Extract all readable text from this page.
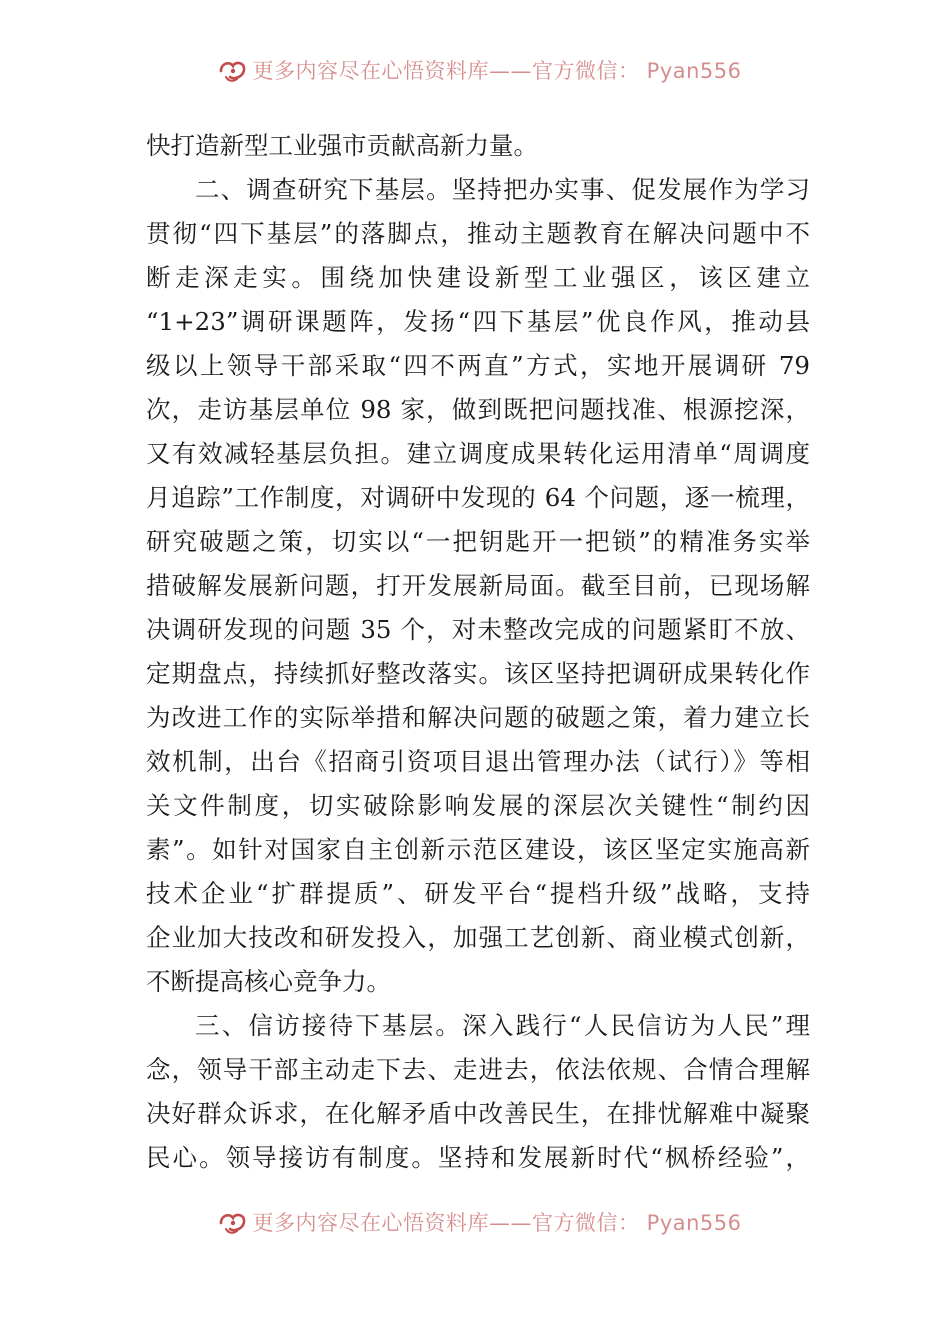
更多内容尽在心悟资料库——官方微信： Pyan556
快打造新型工业强市贡献高新力量。
二、调查研究下基层。坚持把办实事、促发展作为学习
贯彻“四下基层”的落脚点，推动主题教育在解决问题中不
断走深走实。围绕加快建设新型工业强区，该区建立
“1+23”调研课题阵，发扬“四下基层”优良作风，推动县
级以上领导干部采取“四不两直”方式，实地开展调研 79
次，走访基层单位 98 家，做到既把问题找准、根源挖深，
又有效减轻基层负担。建立调度成果转化运用清单“周调度
月追踪”工作制度，对调研中发现的 64 个问题，逐一梳理，
研究破题之策，切实以“一把钥匙开一把锁”的精准务实举
措破解发展新问题，打开发展新局面。截至目前，已现场解
决调研发现的问题 35 个，对未整改完成的问题紧盯不放、
定期盘点，持续抓好整改落实。该区坚持把调研成果转化作
为改进工作的实际举措和解决问题的破题之策，着力建立长
效机制，出台《招商引资项目退出管理办法（试行）》等相
关文件制度，切实破除影响发展的深层次关键性“制约因
素”。如针对国家自主创新示范区建设，该区坚定实施高新
技术企业“扩群提质”、研发平台“提档升级”战略，支持
企业加大技改和研发投入，加强工艺创新、商业模式创新，
不断提高核心竞争力。
三、信访接待下基层。深入践行“人民信访为人民”理
念，领导干部主动走下去、走进去，依法依规、合情合理解
决好群众诉求，在化解矛盾中改善民生，在排忧解难中凝聚
民心。领导接访有制度。坚持和发展新时代“枫桥经验”，
更多内容尽在心悟资料库——官方微信： Pyan556
